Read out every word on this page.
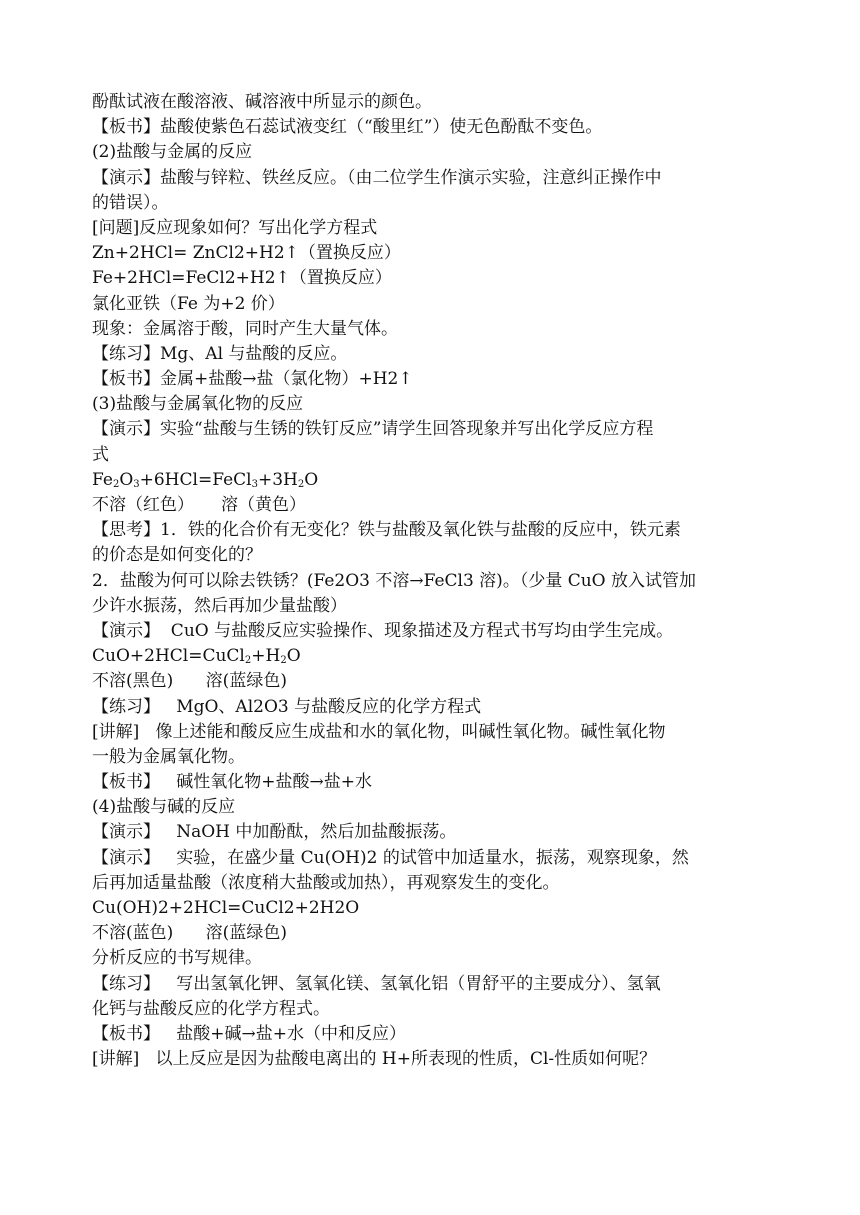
酚酞试液在酸溶液、碱溶液中所显示的颜色。
【板书】盐酸使紫色石蕊试液变红（“酸里红”）使无色酚酞不变色。
(2)盐酸与金属的反应
【演示】盐酸与锌粒、铁丝反应。（由二位学生作演示实验，注意纠正操作中
的错误）。
[问题]反应现象如何？写出化学方程式
Zn+2HCl= ZnCl2+H2↑（置换反应）
Fe+2HCl=FeCl2+H2↑（置换反应）
氯化亚铁（Fe 为+2 价）
现象：金属溶于酸，同时产生大量气体。
【练习】Mg、Al 与盐酸的反应。
【板书】金属+盐酸→盐（氯化物）+H2↑
(3)盐酸与金属氧化物的反应
【演示】实验“盐酸与生锈的铁钉反应”请学生回答现象并写出化学反应方程
式
$Fe_2O_3+6HCl=FeCl_3+3H_2O$
不溶（红色）     溶（黄色）
【思考】1．铁的化合价有无变化？铁与盐酸及氧化铁与盐酸的反应中，铁元素
的价态是如何变化的？
2．盐酸为何可以除去铁锈？(Fe2O3 不溶→FeCl3 溶)。（少量 CuO 放入试管加
少许水振荡，然后再加少量盐酸）
【演示】  CuO 与盐酸反应实验操作、现象描述及方程式书写均由学生完成。
$CuO+2HCl=CuCl_2+H_2O$
不溶(黑色)      溶(蓝绿色)
【练习】   MgO、Al2O3 与盐酸反应的化学方程式
[讲解]   像上述能和酸反应生成盐和水的氧化物，叫碱性氧化物。碱性氧化物
一般为金属氧化物。
【板书】   碱性氧化物+盐酸→盐+水
(4)盐酸与碱的反应
【演示】   NaOH 中加酚酞，然后加盐酸振荡。
【演示】   实验，在盛少量 Cu(OH)2 的试管中加适量水，振荡，观察现象，然
后再加适量盐酸（浓度稍大盐酸或加热），再观察发生的变化。
Cu(OH)2+2HCl=CuCl2+2H2O
不溶(蓝色)      溶(蓝绿色)
分析反应的书写规律。
【练习】   写出氢氧化钾、氢氧化镁、氢氧化铝（胃舒平的主要成分）、氢氧
化钙与盐酸反应的化学方程式。
【板书】   盐酸+碱→盐+水（中和反应）
[讲解]   以上反应是因为盐酸电离出的 H+所表现的性质，Cl-性质如何呢？
